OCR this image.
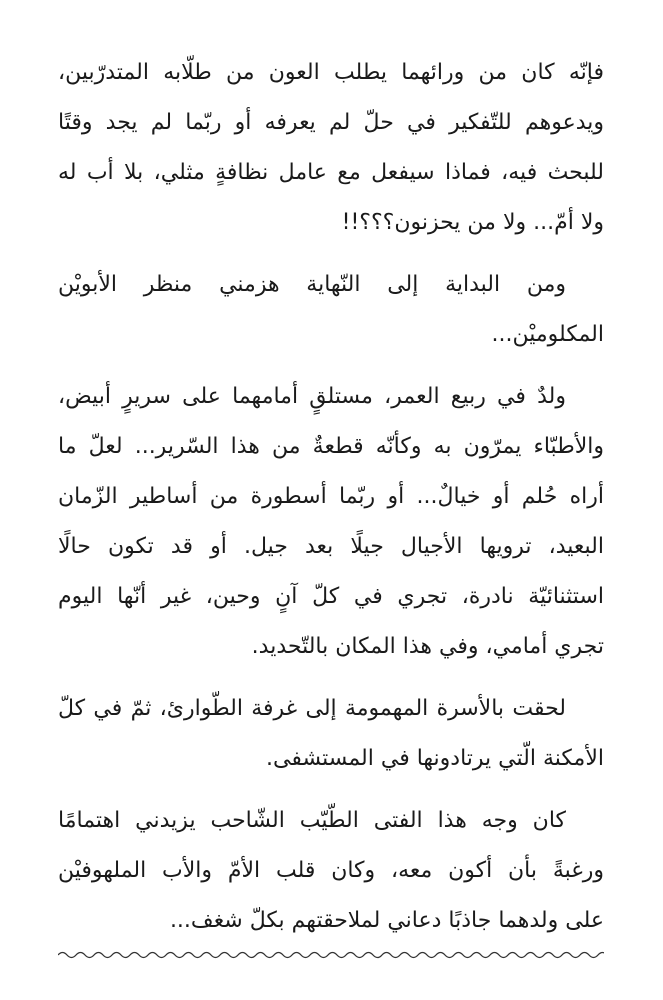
فإنّه كان من ورائهما يطلب العون من طلّابه المتدرّبين،
ويدعوهم للتّفكير في حلّ لم يعرفه أو ربّما لم يجد وقتًا
للبحث فيه، فماذا سيفعل مع عامل نظافةٍ مثلي، بلا أب له
ولا أمّ... ولا من يحزنون؟؟؟!!
ومن البداية إلى النّهاية هزمني منظر الأبويْن
المكلوميْن...
ولدٌ في ربيع العمر، مستلقٍ أمامهما على سريرٍ أبيض،
والأطبّاء يمرّون به وكأنّه قطعةٌ من هذا السّرير... لعلّ ما
أراه حُلم أو خيالٌ... أو ربّما أسطورة من أساطير الزّمان
البعيد، ترويها الأجيال جيلًا بعد جيل. أو قد تكون حالًا
استثنائيّة نادرة، تجري في كلّ آنٍ وحين، غير أنّها اليوم
تجري أمامي، وفي هذا المكان بالتّحديد.
لحقت بالأسرة المهمومة إلى غرفة الطّوارئ، ثمّ في كلّ
الأمكنة الّتي يرتادونها في المستشفى.
كان وجه هذا الفتى الطّيّب الشّاحب يزيدني اهتمامًا
ورغبةً بأن أكون معه، وكان قلب الأمّ والأب الملهوفيْن
على ولدهما جاذبًا دعاني لملاحقتهم بكلّ شغف...
